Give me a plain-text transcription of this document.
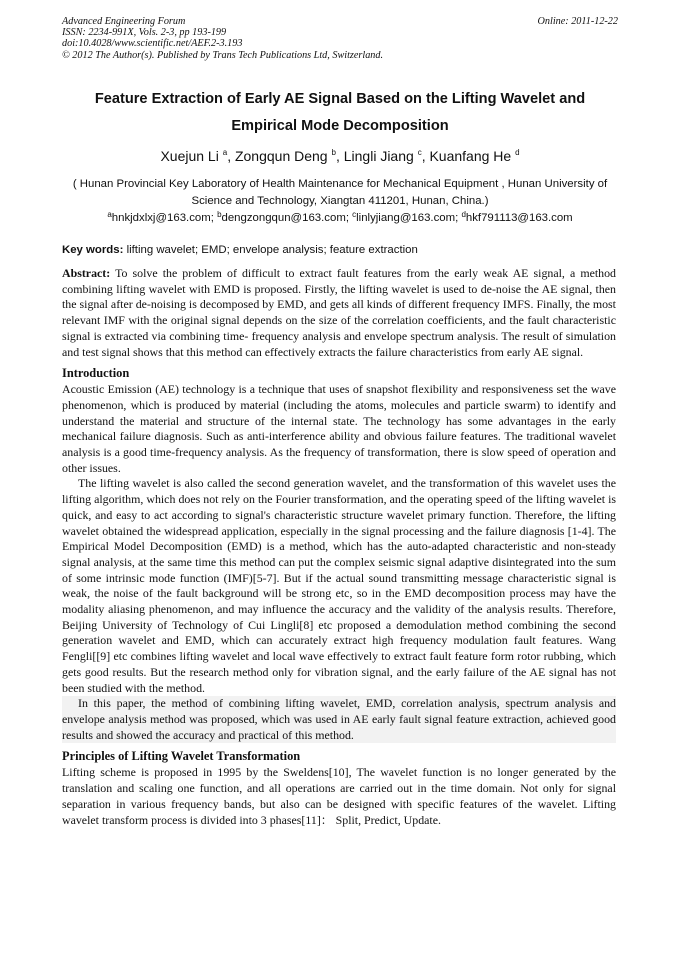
Advanced Engineering Forum
ISSN: 2234-991X, Vols. 2-3, pp 193-199
doi:10.4028/www.scientific.net/AEF.2-3.193
© 2012 The Author(s). Published by Trans Tech Publications Ltd, Switzerland.
Online: 2011-12-22
Feature Extraction of Early AE Signal Based on the Lifting Wavelet and
Empirical Mode Decomposition
Xuejun Li $^a$, Zongqun Deng $^b$, Lingli Jiang $^c$, Kuanfang He $^d$
( Hunan Provincial Key Laboratory of Health Maintenance for Mechanical Equipment , Hunan University of Science and Technology, Xiangtan 411201, Hunan, China.)
$^a$hnkjdxlxj@163.com; $^b$dengzongqun@163.com; $^c$linlyjiang@163.com; $^d$hkf791113@163.com
Key words: lifting wavelet; EMD; envelope analysis; feature extraction

Abstract: To solve the problem of difficult to extract fault features from the early weak AE signal, a method combining lifting wavelet with EMD is proposed. Firstly, the lifting wavelet is used to de-noise the AE signal, then the signal after de-noising is decomposed by EMD, and gets all kinds of different frequency IMFS. Finally, the most relevant IMF with the original signal depends on the size of the correlation coefficients, and the fault characteristic signal is extracted via combining time- frequency analysis and envelope spectrum analysis. The result of simulation and test signal shows that this method can effectively extracts the failure characteristics from early AE signal.

Introduction

Acoustic Emission (AE) technology is a technique that uses of snapshot flexibility and responsiveness set the wave phenomenon, which is produced by material (including the atoms, molecules and particle swarm) to identify and understand the material and structure of the internal state. The technology has some advantages in the early mechanical failure diagnosis. Such as anti-interference ability and obvious failure features. The traditional wavelet analysis is a good time-frequency analysis. As the frequency of transformation, there is slow speed of operation and other issues.

The lifting wavelet is also called the second generation wavelet, and the transformation of this wavelet uses the lifting algorithm, which does not rely on the Fourier transformation, and the operating speed of the lifting wavelet is quick, and easy to act according to signal's characteristic structure wavelet primary function. Therefore, the lifting wavelet obtained the widespread application, especially in the signal processing and the failure diagnosis [1-4]. The Empirical Model Decomposition (EMD) is a method, which has the auto-adapted characteristic and non-steady signal analysis, at the same time this method can put the complex seismic signal adaptive disintegrated into the sum of some intrinsic mode function (IMF)[5-7]. But if the actual sound transmitting message characteristic signal is weak, the noise of the fault background will be strong etc, so in the EMD decomposition process may have the modality aliasing phenomenon, and may influence the accuracy and the validity of the analysis results. Therefore, Beijing University of Technology of Cui Lingli[8] etc proposed a demodulation method combining the second generation wavelet and EMD, which can accurately extract high frequency modulation fault features. Wang Fengli[[9] etc combines lifting wavelet and local wave effectively to extract fault feature form rotor rubbing, which gets good results. But the research method only for vibration signal, and the early failure of the AE signal has not been studied with the method.

In this paper, the method of combining lifting wavelet, EMD, correlation analysis, spectrum analysis and envelope analysis method was proposed, which was used in AE early fault signal feature extraction, achieved good results and showed the accuracy and practical of this method.

Principles of Lifting Wavelet Transformation

Lifting scheme is proposed in 1995 by the Sweldens[10], The wavelet function is no longer generated by the translation and scaling one function, and all operations are carried out in the time domain. Not only for signal separation in various frequency bands, but also can be designed with specific features of the wavelet. Lifting wavelet transform process is divided into 3 phases[11]： Split, Predict, Update.
